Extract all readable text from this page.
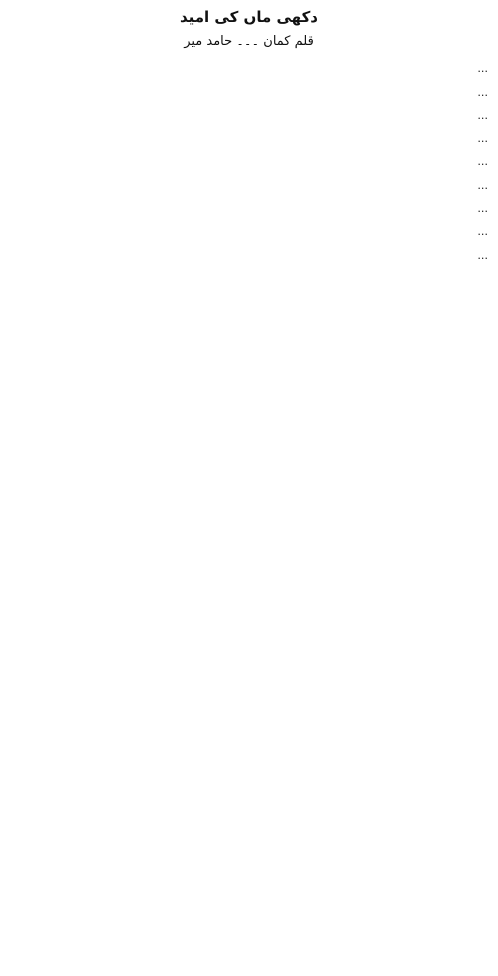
دکھی ماں کی امید
قلم کمان ۔۔۔ حامد میر

…

…

…

…

…

…

…

…

…
